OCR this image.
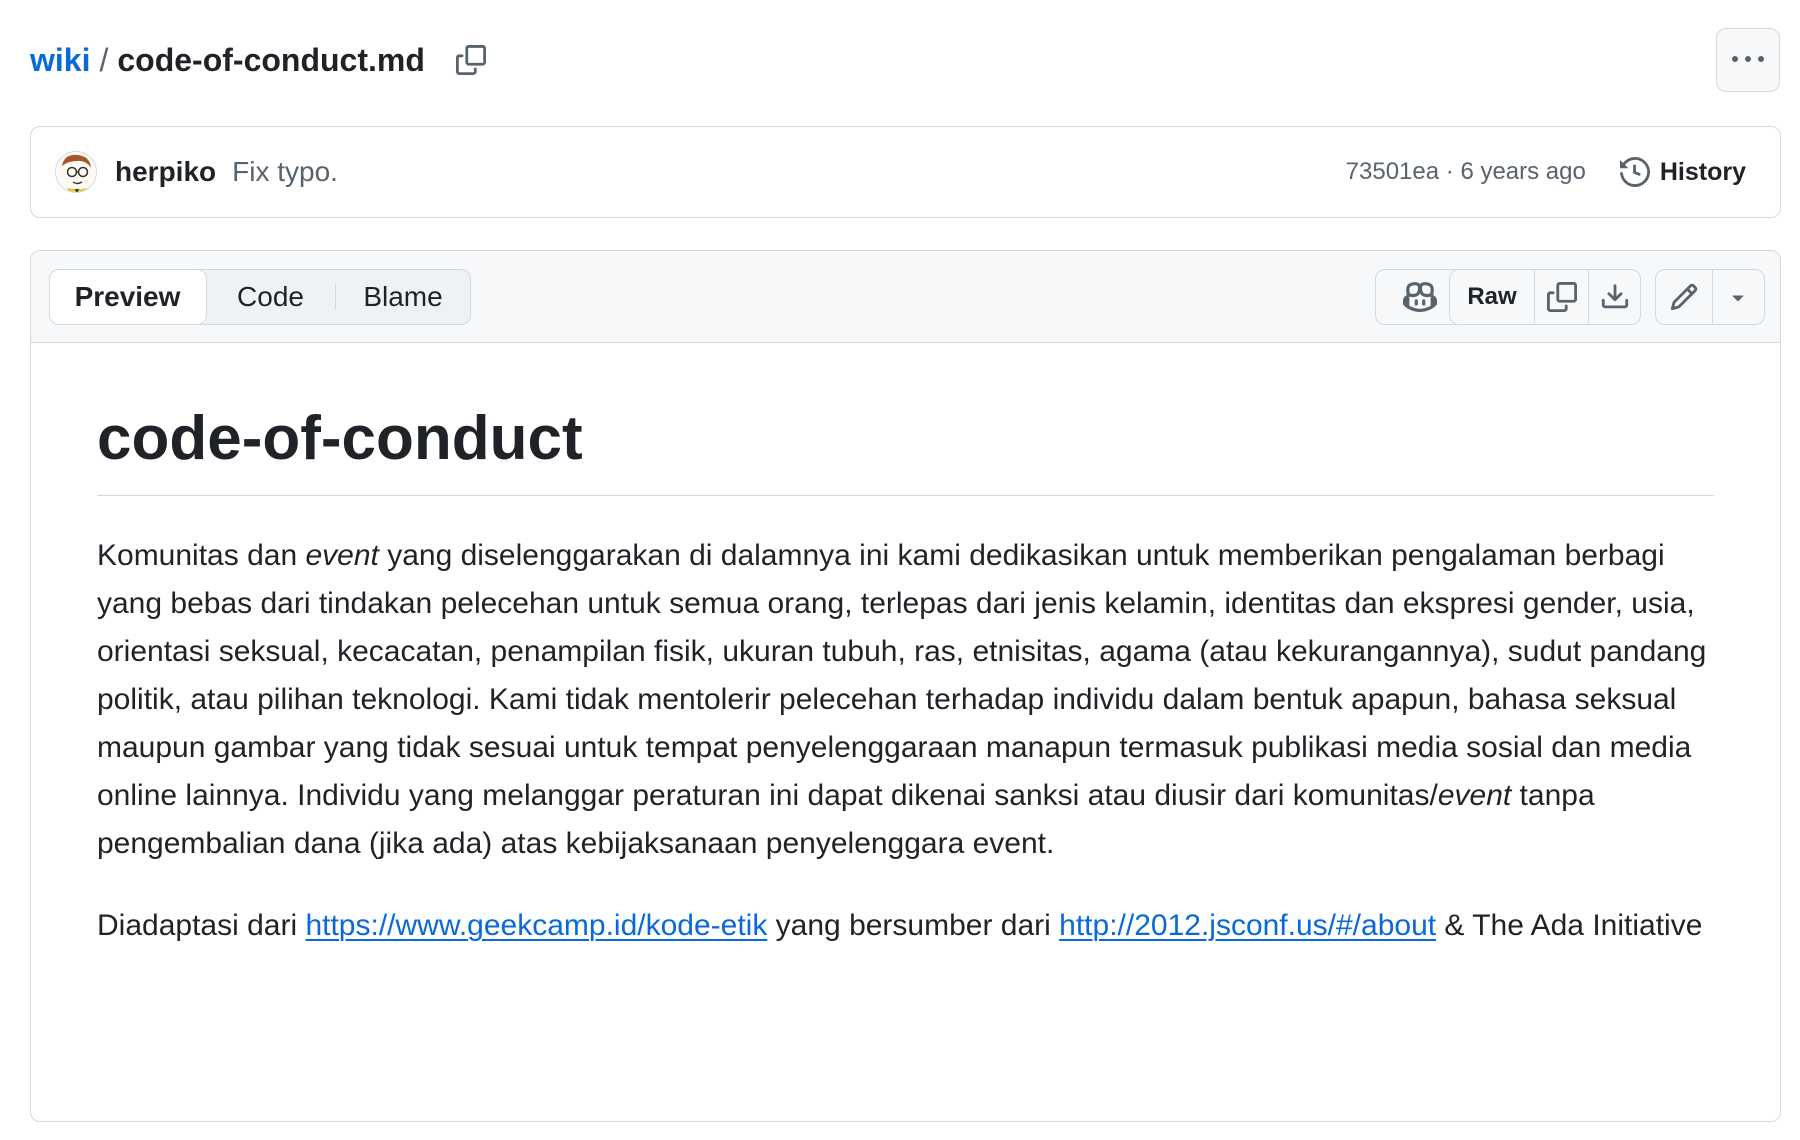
wiki / code-of-conduct.md
herpiko Fix typo.	73501ea · 6 years ago	History
Preview	Code	Blame	Raw
code-of-conduct

Komunitas dan event yang diselenggarakan di dalamnya ini kami dedikasikan untuk memberikan pengalaman berbagi yang bebas dari tindakan pelecehan untuk semua orang, terlepas dari jenis kelamin, identitas dan ekspresi gender, usia, orientasi seksual, kecacatan, penampilan fisik, ukuran tubuh, ras, etnisitas, agama (atau kekurangannya), sudut pandang politik, atau pilihan teknologi. Kami tidak mentolerir pelecehan terhadap individu dalam bentuk apapun, bahasa seksual maupun gambar yang tidak sesuai untuk tempat penyelenggaraan manapun termasuk publikasi media sosial dan media online lainnya. Individu yang melanggar peraturan ini dapat dikenai sanksi atau diusir dari komunitas/event tanpa pengembalian dana (jika ada) atas kebijaksanaan penyelenggara event.

Diadaptasi dari https://www.geekcamp.id/kode-etik yang bersumber dari http://2012.jsconf.us/#/about & The Ada Initiative
